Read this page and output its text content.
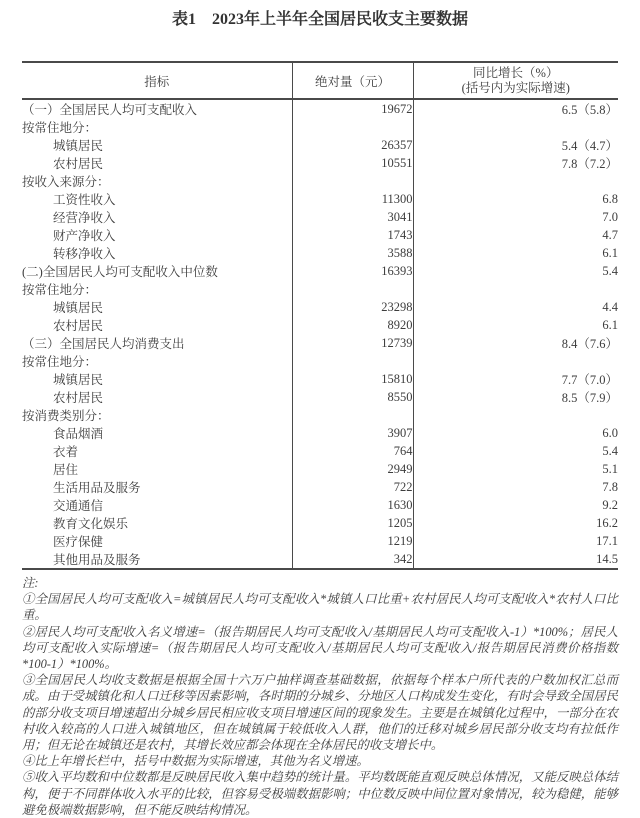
表1　2023年上半年全国居民收支主要数据
指标	绝对量（元）	同比增长（%）
(括号内为实际增速)

（一）全国居民人均可支配收入	19672	6.5（5.8）
按常住地分：		
城镇居民	26357	5.4（4.7）
农村居民	10551	7.8（7.2）
按收入来源分：		
工资性收入	11300	6.8
经营净收入	3041	7.0
财产净收入	1743	4.7
转移净收入	3588	6.1
(二)全国居民人均可支配收入中位数	16393	5.4
按常住地分：		
城镇居民	23298	4.4
农村居民	8920	6.1
（三）全国居民人均消费支出	12739	8.4（7.6）
按常住地分：		
城镇居民	15810	7.7（7.0）
农村居民	8550	8.5（7.9）
按消费类别分：		
食品烟酒	3907	6.0
衣着	764	5.4
居住	2949	5.1
生活用品及服务	722	7.8
交通通信	1630	9.2
教育文化娱乐	1205	16.2
医疗保健	1219	17.1
其他用品及服务	342	14.5

注:

①全国居民人均可支配收入=城镇居民人均可支配收入*城镇人口比重+农村居民人均可支配收入*农村人口比重。

②居民人均可支配收入名义增速=（报告期居民人均可支配收入/基期居民人均可支配收入-1）*100%；居民人均可支配收入实际增速=（报告期居民人均可支配收入/基期居民人均可支配收入/报告期居民消费价格指数*100-1）*100%。

③全国居民人均收支数据是根据全国十六万户抽样调查基础数据，依据每个样本户所代表的户数加权汇总而成。由于受城镇化和人口迁移等因素影响，各时期的分城乡、分地区人口构成发生变化，有时会导致全国居民的部分收支项目增速超出分城乡居民相应收支项目增速区间的现象发生。主要是在城镇化过程中，一部分在农村收入较高的人口进入城镇地区，但在城镇属于较低收入人群，他们的迁移对城乡居民部分收支均有拉低作用；但无论在城镇还是农村，其增长效应都会体现在全体居民的收支增长中。

④比上年增长栏中，括号中数据为实际增速，其他为名义增速。

⑤收入平均数和中位数都是反映居民收入集中趋势的统计量。平均数既能直观反映总体情况，又能反映总体结构，便于不同群体收入水平的比较，但容易受极端数据影响；中位数反映中间位置对象情况，较为稳健，能够避免极端数据影响，但不能反映结构情况。
